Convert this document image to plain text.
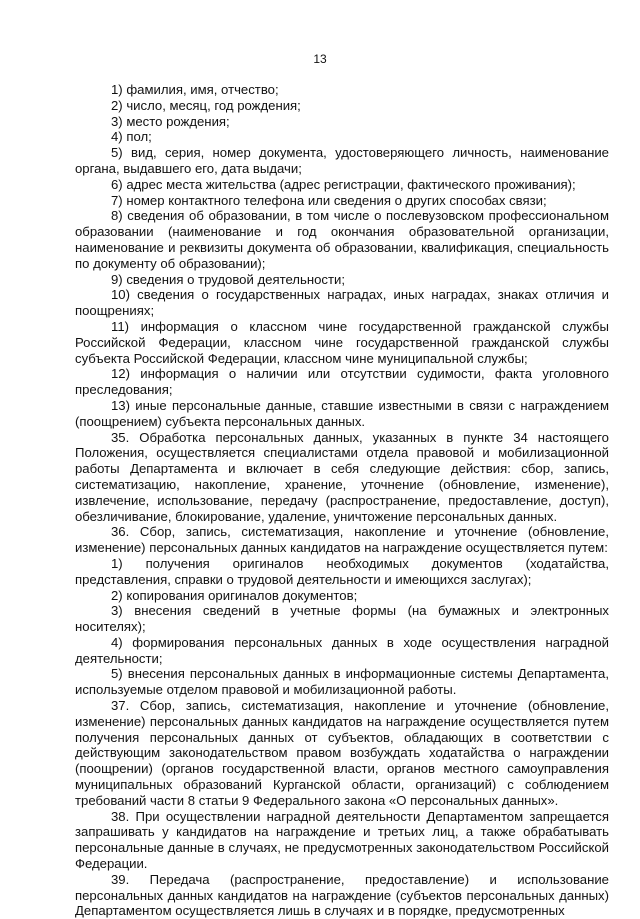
13

1) фамилия, имя, отчество;

2) число, месяц, год рождения;

3) место рождения;

4) пол;

5) вид, серия, номер документа, удостоверяющего личность, наименование органа, выдавшего его, дата выдачи;

6) адрес места жительства (адрес регистрации, фактического проживания);

7) номер контактного телефона или сведения о других способах связи;

8) сведения об образовании, в том числе о послевузовском профессиональном образовании (наименование и год окончания образовательной организации, наименование и реквизиты документа об образовании, квалификация, специальность по документу об образовании);

9) сведения о трудовой деятельности;

10) сведения о государственных наградах, иных наградах, знаках отличия и поощрениях;

11) информация о классном чине государственной гражданской службы Российской Федерации, классном чине государственной гражданской службы субъекта Российской Федерации, классном чине муниципальной службы;

12) информация о наличии или отсутствии судимости, факта уголовного преследования;

13) иные персональные данные, ставшие известными в связи с награждением (поощрением) субъекта персональных данных.

35. Обработка персональных данных, указанных в пункте 34 настоящего Положения, осуществляется специалистами отдела правовой и мобилизационной работы Департамента и включает в себя следующие действия: сбор, запись, систематизацию, накопление, хранение, уточнение (обновление, изменение), извлечение, использование, передачу (распространение, предоставление, доступ), обезличивание, блокирование, удаление, уничтожение персональных данных.

36. Сбор, запись, систематизация, накопление и уточнение (обновление, изменение) персональных данных кандидатов на награждение осуществляется путем:

1) получения оригиналов необходимых документов (ходатайства, представления, справки о трудовой деятельности и имеющихся заслугах);

2) копирования оригиналов документов;

3) внесения сведений в учетные формы (на бумажных и электронных носителях);

4) формирования персональных данных в ходе осуществления наградной деятельности;

5) внесения персональных данных в информационные системы Департамента, используемые отделом правовой и мобилизационной работы.

37. Сбор, запись, систематизация, накопление и уточнение (обновление, изменение) персональных данных кандидатов на награждение осуществляется путем получения персональных данных от субъектов, обладающих в соответствии с действующим законодательством правом возбуждать ходатайства о награждении (поощрении) (органов государственной власти, органов местного самоуправления муниципальных образований Курганской области, организаций) с соблюдением требований части 8 статьи 9 Федерального закона «О персональных данных».

38. При осуществлении наградной деятельности Департаментом запрещается запрашивать у кандидатов на награждение и третьих лиц, а также обрабатывать персональные данные в случаях, не предусмотренных законодательством Российской Федерации.

39. Передача (распространение, предоставление) и использование персональных данных кандидатов на награждение (субъектов персональных данных) Департаментом осуществляется лишь в случаях и в порядке, предусмотренных
